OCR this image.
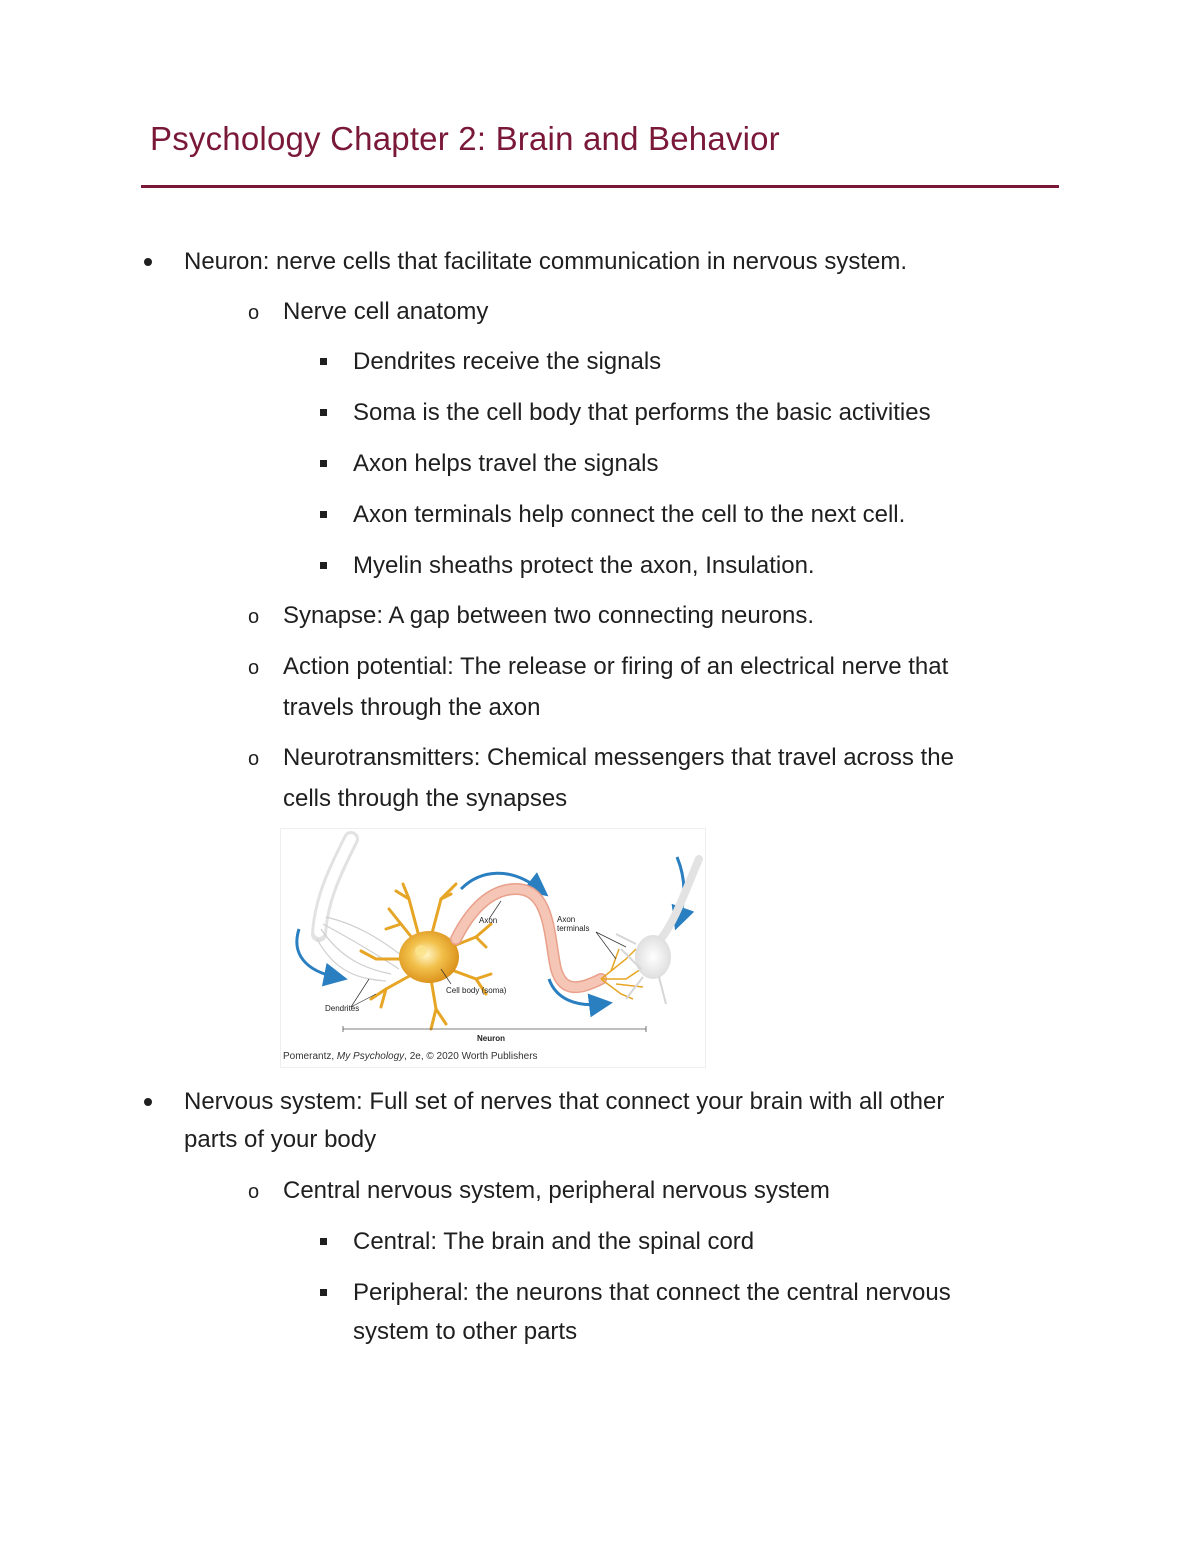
Psychology Chapter 2: Brain and Behavior
Neuron: nerve cells that facilitate communication in nervous system.
o Nerve cell anatomy
Dendrites receive the signals
Soma is the cell body that performs the basic activities
Axon helps travel the signals
Axon terminals help connect the cell to the next cell.
Myelin sheaths protect the axon, Insulation.
o Synapse: A gap between two connecting neurons.
o Action potential: The release or firing of an electrical nerve that
travels through the axon
o Neurotransmitters: Chemical messengers that travel across the
cells through the synapses
Axon	Axon
terminals
Cell body (soma)
Dendrites
Neuron
Pomerantz, My Psychology, 2e, © 2020 Worth Publishers
Nervous system: Full set of nerves that connect your brain with all other
parts of your body
o Central nervous system, peripheral nervous system
Central: The brain and the spinal cord
Peripheral: the neurons that connect the central nervous
system to other parts
